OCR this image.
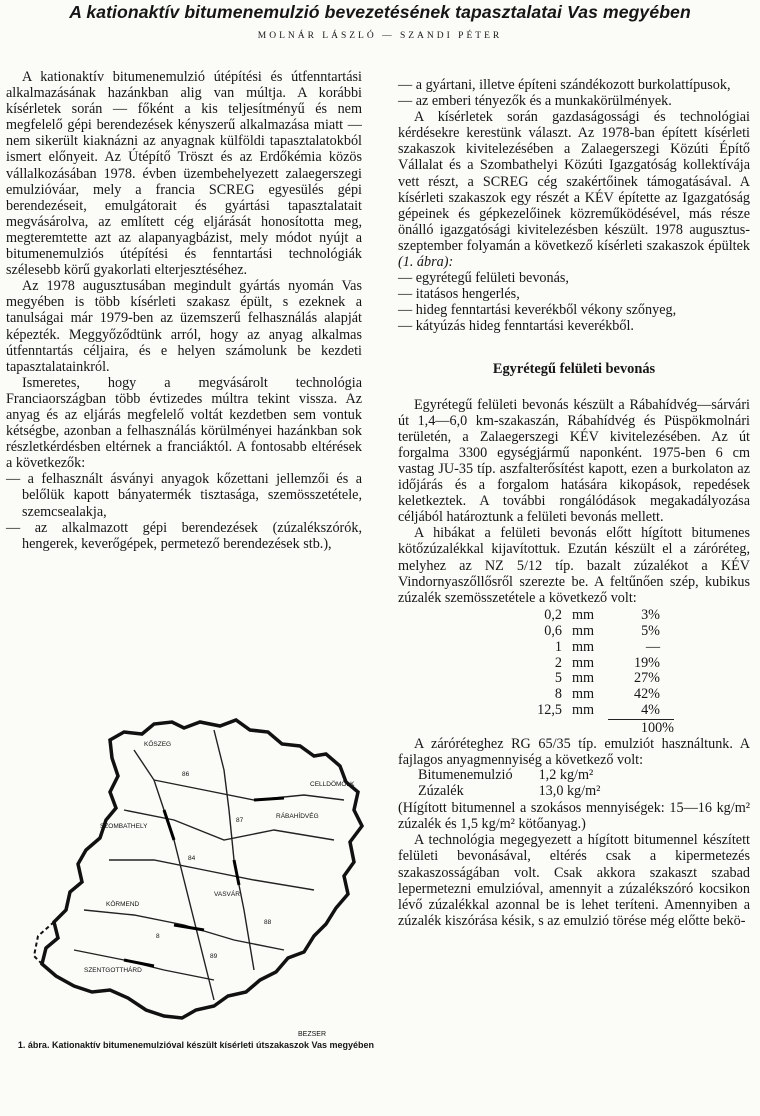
A kationaktív bitumenemulzió bevezetésének tapasztalatai Vas megyében
MOLNÁR LÁSZLÓ — SZANDI PÉTER

A kationaktív bitumenemulzió útépítési és útfenntartási alkalmazásának hazánkban alig van múltja. A korábbi kísérletek során — főként a kis teljesítményű és nem megfelelő gépi berendezések kényszerű alkalmazása miatt — nem sikerült kiaknázni az anyagnak külföldi tapasztalatokból ismert előnyeit. Az Útépítő Tröszt és az Erdőkémia közös vállalkozásában 1978. évben üzembehelyezett zalaegerszegi emulzióváar, mely a francia SCREG egyesülés gépi berendezéseit, emulgátorait és gyártási tapasztalatait megvásárolva, az említett cég eljárását honosította meg, megteremtette azt az alapanyagbázist, mely módot nyújt a bitumenemulziós útépítési és fenntartási technológiák szélesebb körű gyakorlati elterjesztéséhez.

Az 1978 augusztusában megindult gyártás nyomán Vas megyében is több kísérleti szakasz épült, s ezeknek a tanulságai már 1979-ben az üzemszerű felhasználás alapját képezték. Meggyőződtünk arról, hogy az anyag alkalmas útfenntartás céljaira, és e helyen számolunk be kezdeti tapasztalatainkról.

Ismeretes, hogy a megvásárolt technológia Franciaországban több évtizedes múltra tekint vissza. Az anyag és az eljárás megfelelő voltát kezdetben sem vontuk kétségbe, azonban a felhasználás körülményei hazánkban sok részletkérdésben eltérnek a franciáktól. A fontosabb eltérések a következők:

— a felhasznált ásványi anyagok kőzettani jellemzői és a belőlük kapott bányatermék tisztasága, szemösszetétele, szemcsealakja,

— az alkalmazott gépi berendezések (zúzalékszórók, hengerek, keverőgépek, permetező berendezések stb.),

— a gyártani, illetve építeni szándékozott burkolattípusok,

— az emberi tényezők és a munkakörülmények.

A kísérletek során gazdaságossági és technológiai kérdésekre kerestünk választ. Az 1978-ban épített kísérleti szakaszok kivitelezésében a Zalaegerszegi Közúti Építő Vállalat és a Szombathelyi Közúti Igazgatóság kollektívája vett részt, a SCREG cég szakértőinek támogatásával. A kísérleti szakaszok egy részét a KÉV építette az Igazgatóság gépeinek és gépkezelőinek közreműködésével, más része önálló igazgatósági kivitelezésben készült. 1978 augusztus-szeptember folyamán a következő kísérleti szakaszok épültek (1. ábra):

— egyrétegű felületi bevonás,

— itatásos hengerlés,

— hideg fenntartási keverékből vékony szőnyeg,

— kátyúzás hideg fenntartási keverékből.

Egyrétegű felületi bevonás

Egyrétegű felületi bevonás készült a Rábahídvég—sárvári út 1,4—6,0 km-szakaszán, Rábahídvég és Püspökmolnári területén, a Zalaegerszegi KÉV kivitelezésében. Az út forgalma 3300 egységjármű naponként. 1975-ben 6 cm vastag JU-35 típ. aszfalterősítést kapott, ezen a burkolaton az időjárás és a forgalom hatására kikopások, repedések keletkeztek. A további rongálódások megakadályozása céljából határoztunk a felületi bevonás mellett.

A hibákat a felületi bevonás előtt hígított bitumenes kötőzúzalékkal kijavítottuk. Ezután készült el a záróréteg, melyhez az NZ 5/12 típ. bazalt zúzalékot a KÉV Vindornyaszőllősről szerezte be. A feltűnően szép, kubikus zúzalék szemösszetétele a következő volt:

0,2	mm	3%
0,6	mm	5%
1	mm	—
2	mm	19%
5	mm	27%
8	mm	42%
12,5	mm	4%
100%

A záróréteghez RG 65/35 típ. emulziót használtunk. A fajlagos anyagmennyiség a következő volt:

Bitumenemulzió	1,2 kg/m²
Zúzalék	13,0 kg/m²

(Hígított bitumennel a szokásos mennyiségek: 15—16 kg/m² zúzalék és 1,5 kg/m² kötőanyag.)

A technológia megegyezett a hígított bitumennel készített felületi bevonásával, eltérés csak a kipermetezés szakaszosságában volt. Csak akkora szakaszt szabad lepermetezni emulzióval, amennyit a zúzalékszóró kocsikon lévő zúzalékkal azonnal be is lehet teríteni. Amennyiben a zúzalék kiszórása késik, s az emulzió törése még előtte bekö-

KŐSZEG
SZOMBATHELY
CELLDÖMÖLK
VASVÁR
KÖRMEND
SZENTGOTTHÁRD
RÁBAHÍDVÉG
86
87
84
8
88
89
BEZSER
1. ábra. Kationaktív bitumenemulzióval készült kísérleti útszakaszok Vas megyében
